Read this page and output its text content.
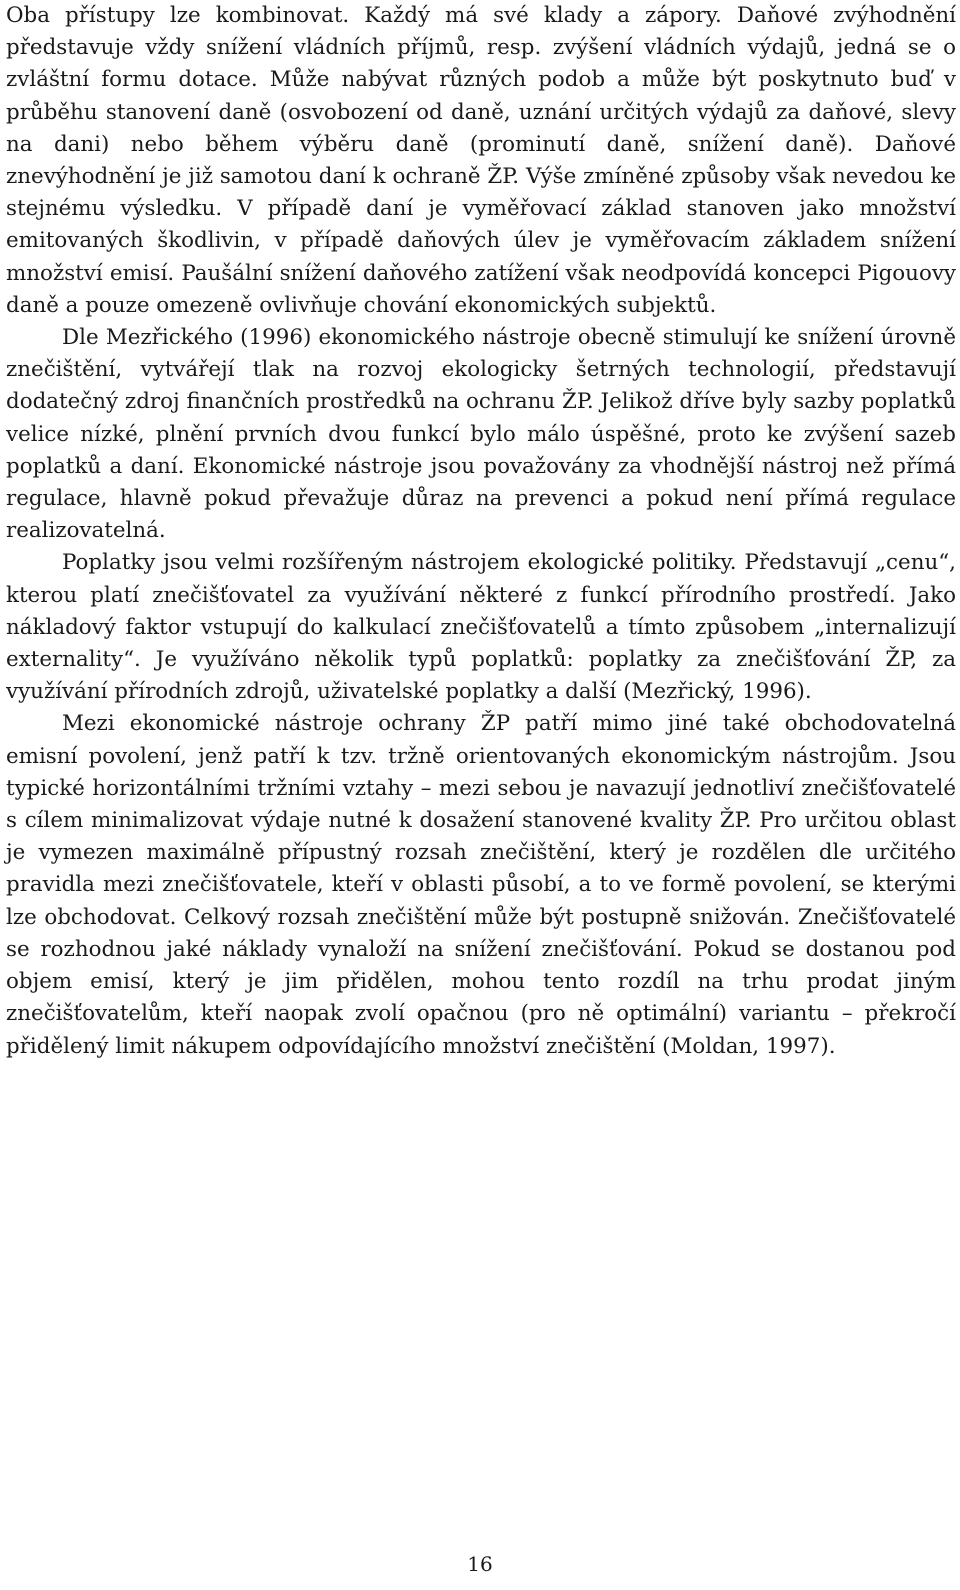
Oba přístupy lze kombinovat. Každý má své klady a zápory. Daňové zvýhodnění představuje vždy snížení vládních příjmů, resp. zvýšení vládních výdajů, jedná se o zvláštní formu dotace. Může nabývat různých podob a může být poskytnuto buď v průběhu stanovení daně (osvobození od daně, uznání určitých výdajů za daňové, slevy na dani) nebo během výběru daně (prominutí daně, snížení daně). Daňové znevýhodnění je již samotou daní k ochraně ŽP. Výše zmíněné způsoby však nevedou ke stejnému výsledku. V případě daní je vyměřovací základ stanoven jako množství emitovaných škodlivin, v případě daňových úlev je vyměřovacím základem snížení množství emisí. Paušální snížení daňového zatížení však neodpovídá koncepci Pigouovy daně a pouze omezeně ovlivňuje chování ekonomických subjektů.

Dle Mezřického (1996) ekonomického nástroje obecně stimulují ke snížení úrovně znečištění, vytvářejí tlak na rozvoj ekologicky šetrných technologií, představují dodatečný zdroj finančních prostředků na ochranu ŽP. Jelikož dříve byly sazby poplatků velice nízké, plnění prvních dvou funkcí bylo málo úspěšné, proto ke zvýšení sazeb poplatků a daní. Ekonomické nástroje jsou považovány za vhodnější nástroj než přímá regulace, hlavně pokud převažuje důraz na prevenci a pokud není přímá regulace realizovatelná.

Poplatky jsou velmi rozšířeným nástrojem ekologické politiky. Představují „cenu“, kterou platí znečišťovatel za využívání některé z funkcí přírodního prostředí. Jako nákladový faktor vstupují do kalkulací znečišťovatelů a tímto způsobem „internalizují externality“. Je využíváno několik typů poplatků: poplatky za znečišťování ŽP, za využívání přírodních zdrojů, uživatelské poplatky a další (Mezřický, 1996).

Mezi ekonomické nástroje ochrany ŽP patří mimo jiné také obchodovatelná emisní povolení, jenž patří k tzv. tržně orientovaných ekonomickým nástrojům. Jsou typické horizontálními tržními vztahy – mezi sebou je navazují jednotliví znečišťovatelé s cílem minimalizovat výdaje nutné k dosažení stanovené kvality ŽP. Pro určitou oblast je vymezen maximálně přípustný rozsah znečištění, který je rozdělen dle určitého pravidla mezi znečišťovatele, kteří v oblasti působí, a to ve formě povolení, se kterými lze obchodovat. Celkový rozsah znečištění může být postupně snižován. Znečišťovatelé se rozhodnou jaké náklady vynaloží na snížení znečišťování. Pokud se dostanou pod objem emisí, který je jim přidělen, mohou tento rozdíl na trhu prodat jiným znečišťovatelům, kteří naopak zvolí opačnou (pro ně optimální) variantu – překročí přidělený limit nákupem odpovídajícího množství znečištění (Moldan, 1997).

16
